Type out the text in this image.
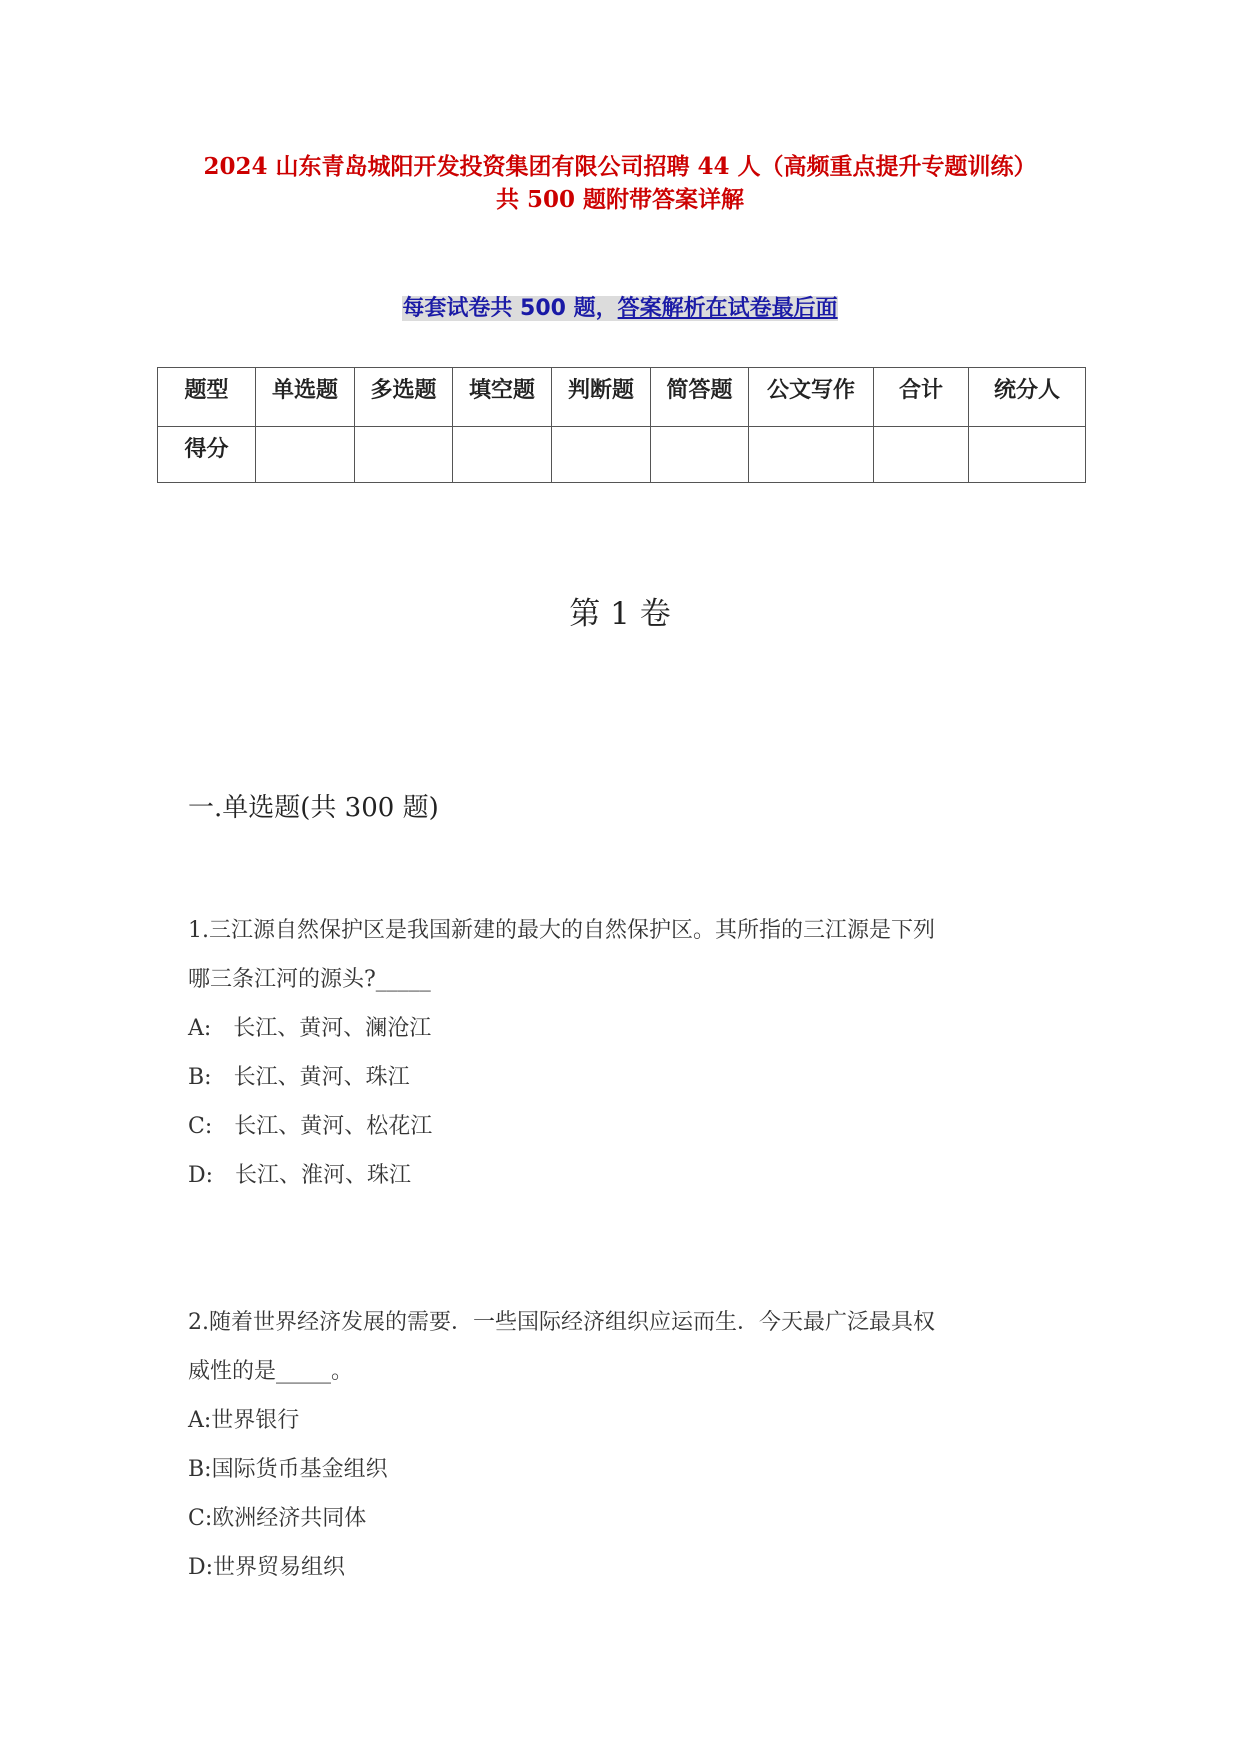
2024 山东青岛城阳开发投资集团有限公司招聘 44 人（高频重点提升专题训练）
共 500 题附带答案详解
每套试卷共 500 题，答案解析在试卷最后面
题型	单选题	多选题	填空题	判断题	简答题	公文写作	合计	统分人
得分								
第 1 卷
一.单选题(共 300 题)
1.三江源自然保护区是我国新建的最大的自然保护区。其所指的三江源是下列
哪三条江河的源头?_____
A:　长江、黄河、澜沧江
B:　长江、黄河、珠江
C:　长江、黄河、松花江
D:　长江、淮河、珠江
2.随着世界经济发展的需要．一些国际经济组织应运而生．今天最广泛最具权
威性的是_____。
A:世界银行
B:国际货币基金组织
C:欧洲经济共同体
D:世界贸易组织
